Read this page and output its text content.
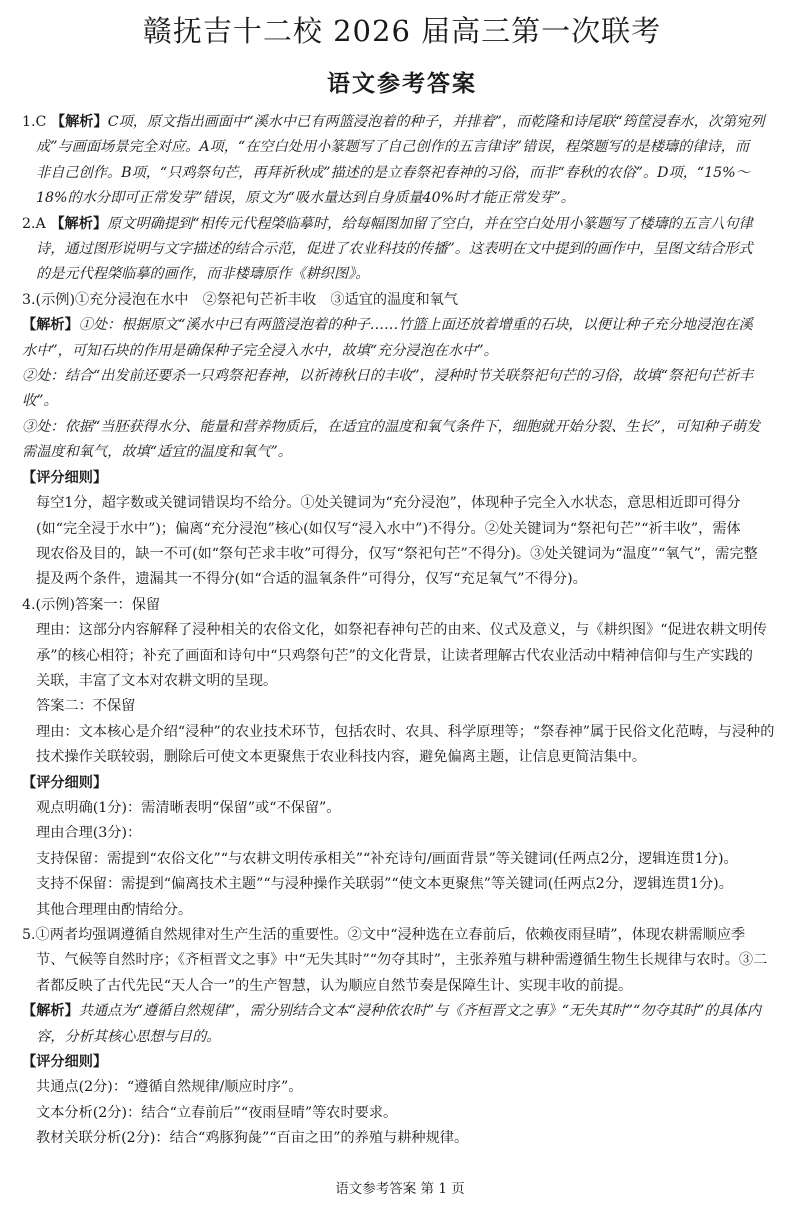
赣抚吉十二校 2026 届高三第一次联考
语文参考答案

1.C 【解析】C项，原文指出画面中“溪水中已有两篮浸泡着的种子，并排着”，而乾隆和诗尾联“筠筐浸春水，次第宛列

成”与画面场景完全对应。A项，“在空白处用小篆题写了自己创作的五言律诗”错误，程棨题写的是楼璹的律诗，而

非自己创作。B项，“只鸡祭句芒，再拜祈秋成”描述的是立春祭祀春神的习俗，而非“春秋的农俗”。D项，“15%～

18%的水分即可正常发芽”错误，原文为“吸水量达到自身质量40%时才能正常发芽”。

2.A 【解析】原文明确提到“相传元代程棨临摹时，给每幅图加留了空白，并在空白处用小篆题写了楼璹的五言八句律

诗，通过图形说明与文字描述的结合示范，促进了农业科技的传播”。这表明在文中提到的画作中，呈图文结合形式

的是元代程棨临摹的画作，而非楼璹原作《耕织图》。

3.(示例)①充分浸泡在水中　②祭祀句芒祈丰收　③适宜的温度和氧气

【解析】①处：根据原文“溪水中已有两篮浸泡着的种子……竹篮上面还放着增重的石块，以便让种子充分地浸泡在溪

水中”，可知石块的作用是确保种子完全浸入水中，故填“充分浸泡在水中”。

②处：结合“出发前还要杀一只鸡祭祀春神，以祈祷秋日的丰收”，浸种时节关联祭祀句芒的习俗，故填“祭祀句芒祈丰

收”。

③处：依据“当胚获得水分、能量和营养物质后，在适宜的温度和氧气条件下，细胞就开始分裂、生长”，可知种子萌发

需温度和氧气，故填“适宜的温度和氧气”。

【评分细则】

每空1分，超字数或关键词错误均不给分。①处关键词为“充分浸泡”，体现种子完全入水状态，意思相近即可得分

(如“完全浸于水中”)；偏离“充分浸泡”核心(如仅写“浸入水中”)不得分。②处关键词为“祭祀句芒”“祈丰收”，需体

现农俗及目的，缺一不可(如“祭句芒求丰收”可得分，仅写“祭祀句芒”不得分)。③处关键词为“温度”“氧气”，需完整

提及两个条件，遗漏其一不得分(如“合适的温氧条件”可得分，仅写“充足氧气”不得分)。

4.(示例)答案一：保留

理由：这部分内容解释了浸种相关的农俗文化，如祭祀春神句芒的由来、仪式及意义，与《耕织图》“促进农耕文明传

承”的核心相符；补充了画面和诗句中“只鸡祭句芒”的文化背景，让读者理解古代农业活动中精神信仰与生产实践的

关联，丰富了文本对农耕文明的呈现。

答案二：不保留

理由：文本核心是介绍“浸种”的农业技术环节，包括农时、农具、科学原理等；“祭春神”属于民俗文化范畴，与浸种的

技术操作关联较弱，删除后可使文本更聚焦于农业科技内容，避免偏离主题，让信息更简洁集中。

【评分细则】

观点明确(1分)：需清晰表明“保留”或“不保留”。

理由合理(3分)：

支持保留：需提到“农俗文化”“与农耕文明传承相关”“补充诗句/画面背景”等关键词(任两点2分，逻辑连贯1分)。

支持不保留：需提到“偏离技术主题”“与浸种操作关联弱”“使文本更聚焦”等关键词(任两点2分，逻辑连贯1分)。

其他合理理由酌情给分。

5.①两者均强调遵循自然规律对生产生活的重要性。②文中“浸种选在立春前后，依赖夜雨昼晴”，体现农耕需顺应季

节、气候等自然时序；《齐桓晋文之事》中“无失其时”“勿夺其时”，主张养殖与耕种需遵循生物生长规律与农时。③二

者都反映了古代先民“天人合一”的生产智慧，认为顺应自然节奏是保障生计、实现丰收的前提。

【解析】共通点为“遵循自然规律”，需分别结合文本“浸种依农时”与《齐桓晋文之事》“无失其时”“勿夺其时”的具体内

容，分析其核心思想与目的。

【评分细则】

共通点(2分)：“遵循自然规律/顺应时序”。

文本分析(2分)：结合“立春前后”“夜雨昼晴”等农时要求。

教材关联分析(2分)：结合“鸡豚狗彘”“百亩之田”的养殖与耕种规律。

语文参考答案 第 1 页
